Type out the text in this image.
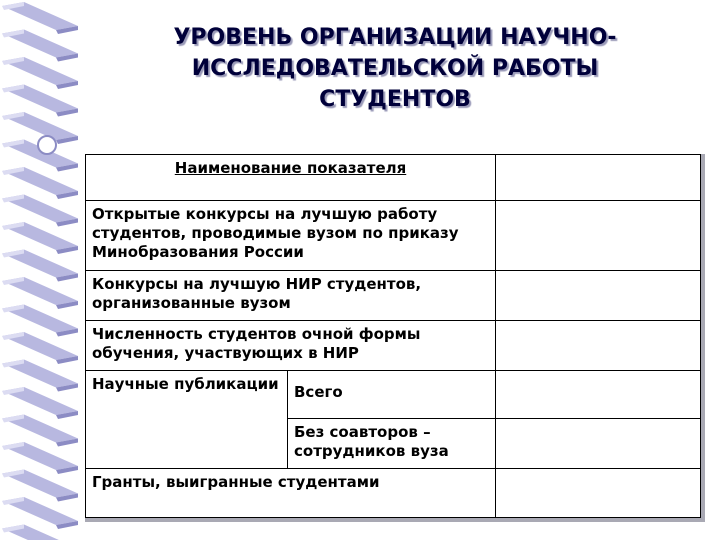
УРОВЕНЬ ОРГАНИЗАЦИИ НАУЧНО-
ИССЛЕДОВАТЕЛЬСКОЙ РАБОТЫ
СТУДЕНТОВ
Наименование показателя		
Открытые конкурсы на лучшую работу студентов, проводимые вузом по приказу Минобразования России		
Конкурсы на лучшую НИР студентов, организованные вузом		
Численность студентов очной формы обучения, участвующих в НИР		
Научные публикации	Всего	
	Без соавторов – сотрудников вуза	
Гранты, выигранные студентами		
